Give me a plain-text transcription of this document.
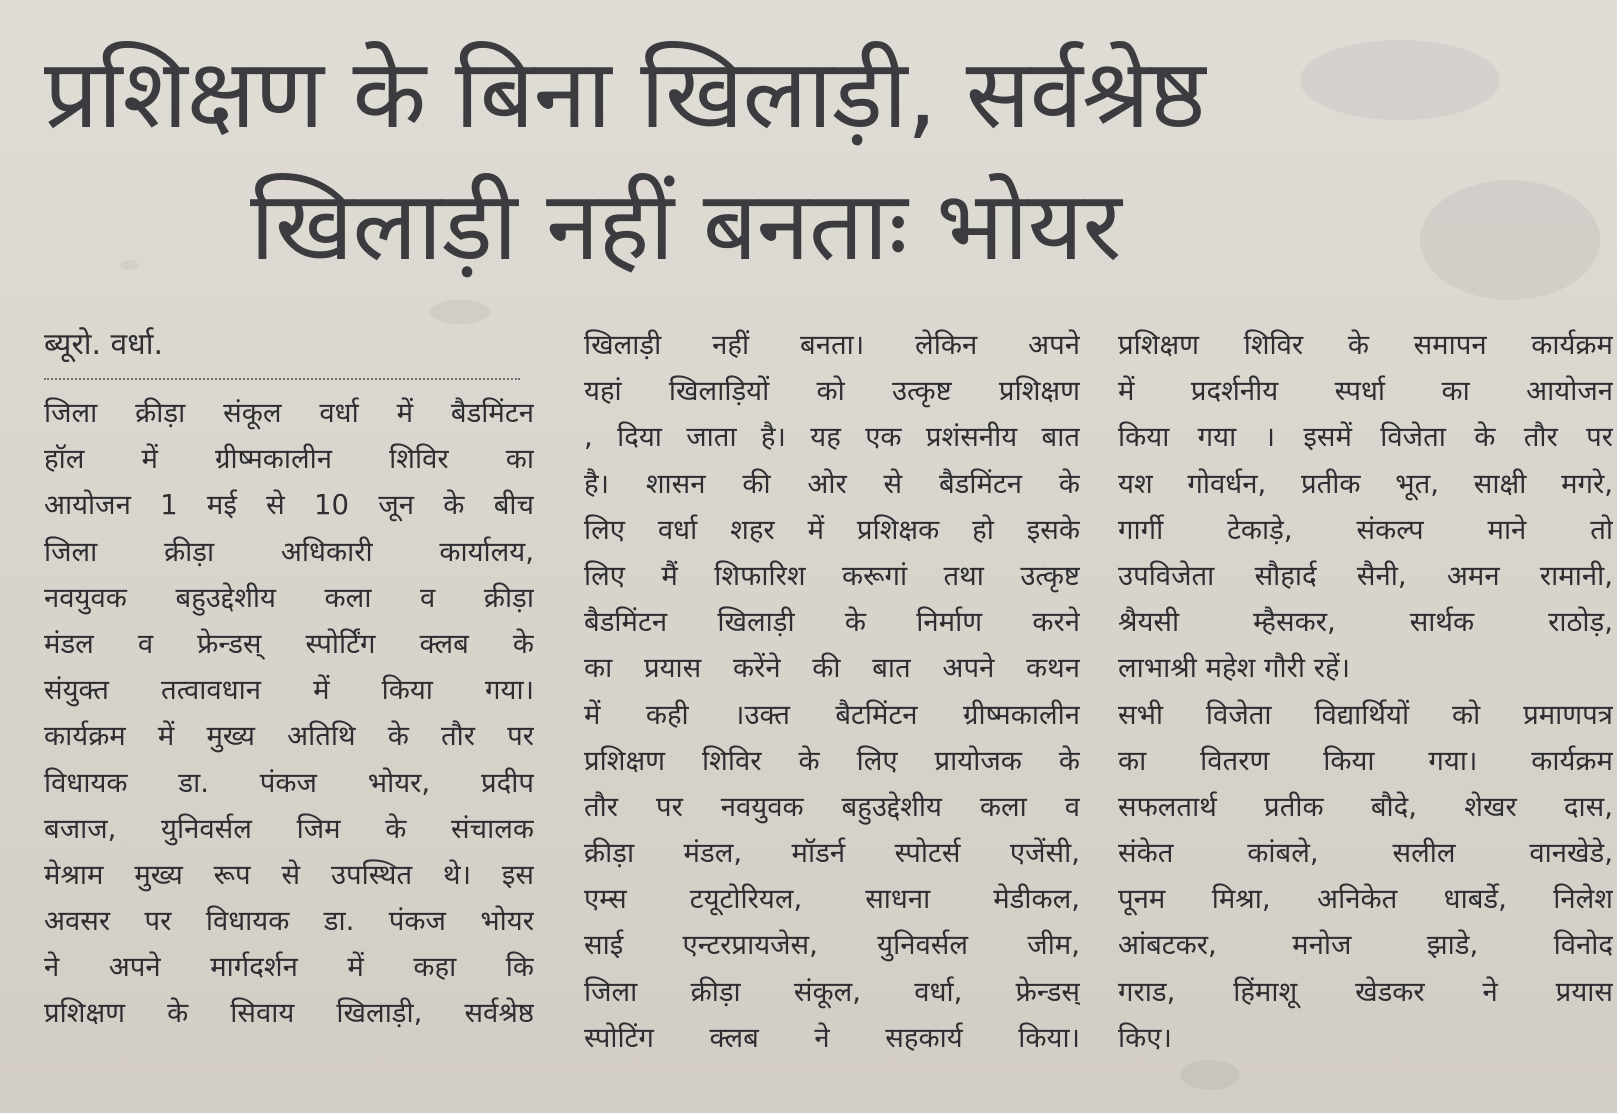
प्रशिक्षण के बिना खिलाड़ी, सर्वश्रेष्ठ
खिलाड़ी नहीं बनताः भोयर
ब्यूरो. वर्धा.
जिला क्रीड़ा संकूल वर्धा में बैडमिंटन
हॉल में ग्रीष्मकालीन शिविर का
आयोजन 1 मई से 10 जून के बीच
जिला क्रीड़ा अधिकारी कार्यालय,
नवयुवक बहुउद्देशीय कला व क्रीड़ा
मंडल व फ्रेन्डस् स्पोर्टिंग क्लब के
संयुक्त तत्वावधान में किया गया।
कार्यक्रम में मुख्य अतिथि के तौर पर
विधायक डा. पंकज भोयर, प्रदीप
बजाज, युनिवर्सल जिम के संचालक
मेश्राम मुख्य रूप से उपस्थित थे। इस
अवसर पर विधायक डा. पंकज भोयर
ने अपने मार्गदर्शन में कहा कि
प्रशिक्षण के सिवाय खिलाड़ी, सर्वश्रेष्ठ
खिलाड़ी नहीं बनता। लेकिन अपने
यहां खिलाड़ियों को उत्कृष्ट प्रशिक्षण
, दिया जाता है। यह एक प्रशंसनीय बात
है। शासन की ओर से बैडमिंटन के
लिए वर्धा शहर में प्रशिक्षक हो इसके
लिए मैं शिफारिश करूगां तथा उत्कृष्ट
बैडमिंटन खिलाड़ी के निर्माण करने
का प्रयास करेंने की बात अपने कथन
में कही ।उक्त बैटमिंटन ग्रीष्मकालीन
प्रशिक्षण शिविर के लिए प्रायोजक के
तौर पर नवयुवक बहुउद्देशीय कला व
क्रीड़ा मंडल, मॉडर्न स्पोटर्स एजेंसी,
एम्स टयूटोरियल, साधना मेडीकल,
साई एन्टरप्रायजेस, युनिवर्सल जीम,
जिला क्रीड़ा संकूल, वर्धा, फ्रेन्डस्
स्पोटिंग क्लब ने सहकार्य किया।
प्रशिक्षण शिविर के समापन कार्यक्रम
में प्रदर्शनीय स्पर्धा का आयोजन
किया गया । इसमें विजेता के तौर पर
यश गोवर्धन, प्रतीक भूत, साक्षी मगरे,
गार्गी टेकाड़े, संकल्प माने तो
उपविजेता सौहार्द सैनी, अमन रामानी,
श्रैयसी म्हैसकर, सार्थक राठोड़,
लाभाश्री महेश गौरी रहें।
सभी विजेता विद्यार्थियों को प्रमाणपत्र
का वितरण किया गया। कार्यक्रम
सफलतार्थ प्रतीक बौदे, शेखर दास,
संकेत कांबले, सलील वानखेडे,
पूनम मिश्रा, अनिकेत धाबर्डे, निलेश
आंबटकर, मनोज झाडे, विनोद
गराड, हिंमाशू खेडकर ने प्रयास
किए।
